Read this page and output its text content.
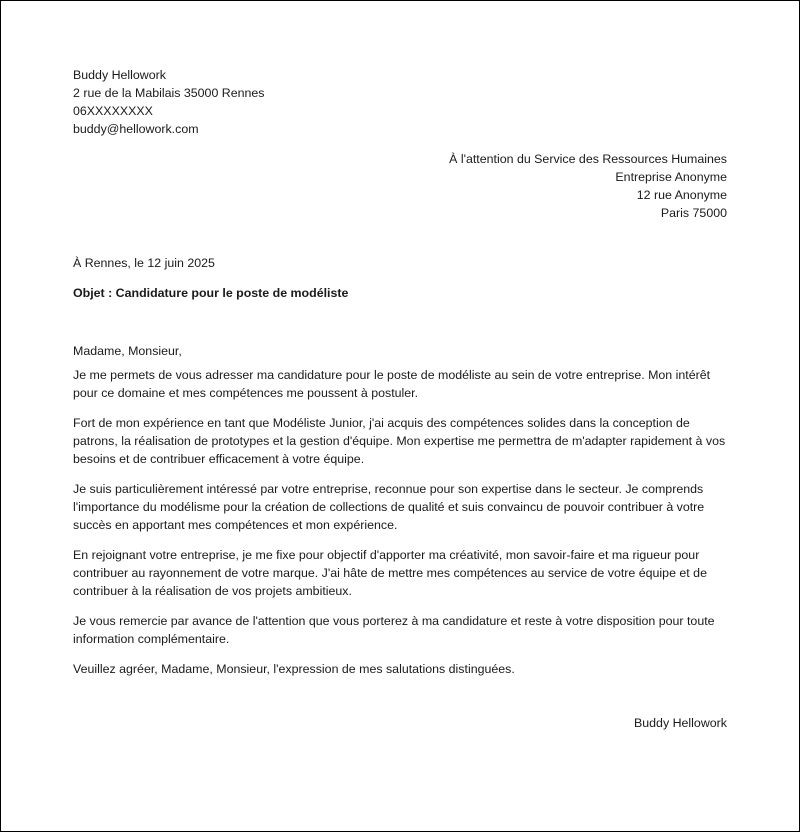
Buddy Hellowork
2 rue de la Mabilais 35000 Rennes
06XXXXXXXX
buddy@hellowork.com
À l'attention du Service des Ressources Humaines
Entreprise Anonyme
12 rue Anonyme
Paris 75000

À Rennes, le 12 juin 2025

Objet : Candidature pour le poste de modéliste

Madame, Monsieur,

Je me permets de vous adresser ma candidature pour le poste de modéliste au sein de votre entreprise. Mon intérêt pour ce domaine et mes compétences me poussent à postuler.

Fort de mon expérience en tant que Modéliste Junior, j'ai acquis des compétences solides dans la conception de patrons, la réalisation de prototypes et la gestion d'équipe. Mon expertise me permettra de m'adapter rapidement à vos besoins et de contribuer efficacement à votre équipe.

Je suis particulièrement intéressé par votre entreprise, reconnue pour son expertise dans le secteur. Je comprends l'importance du modélisme pour la création de collections de qualité et suis convaincu de pouvoir contribuer à votre succès en apportant mes compétences et mon expérience.

En rejoignant votre entreprise, je me fixe pour objectif d'apporter ma créativité, mon savoir-faire et ma rigueur pour contribuer au rayonnement de votre marque. J'ai hâte de mettre mes compétences au service de votre équipe et de contribuer à la réalisation de vos projets ambitieux.

Je vous remercie par avance de l'attention que vous porterez à ma candidature et reste à votre disposition pour toute information complémentaire.

Veuillez agréer, Madame, Monsieur, l'expression de mes salutations distinguées.

Buddy Hellowork
